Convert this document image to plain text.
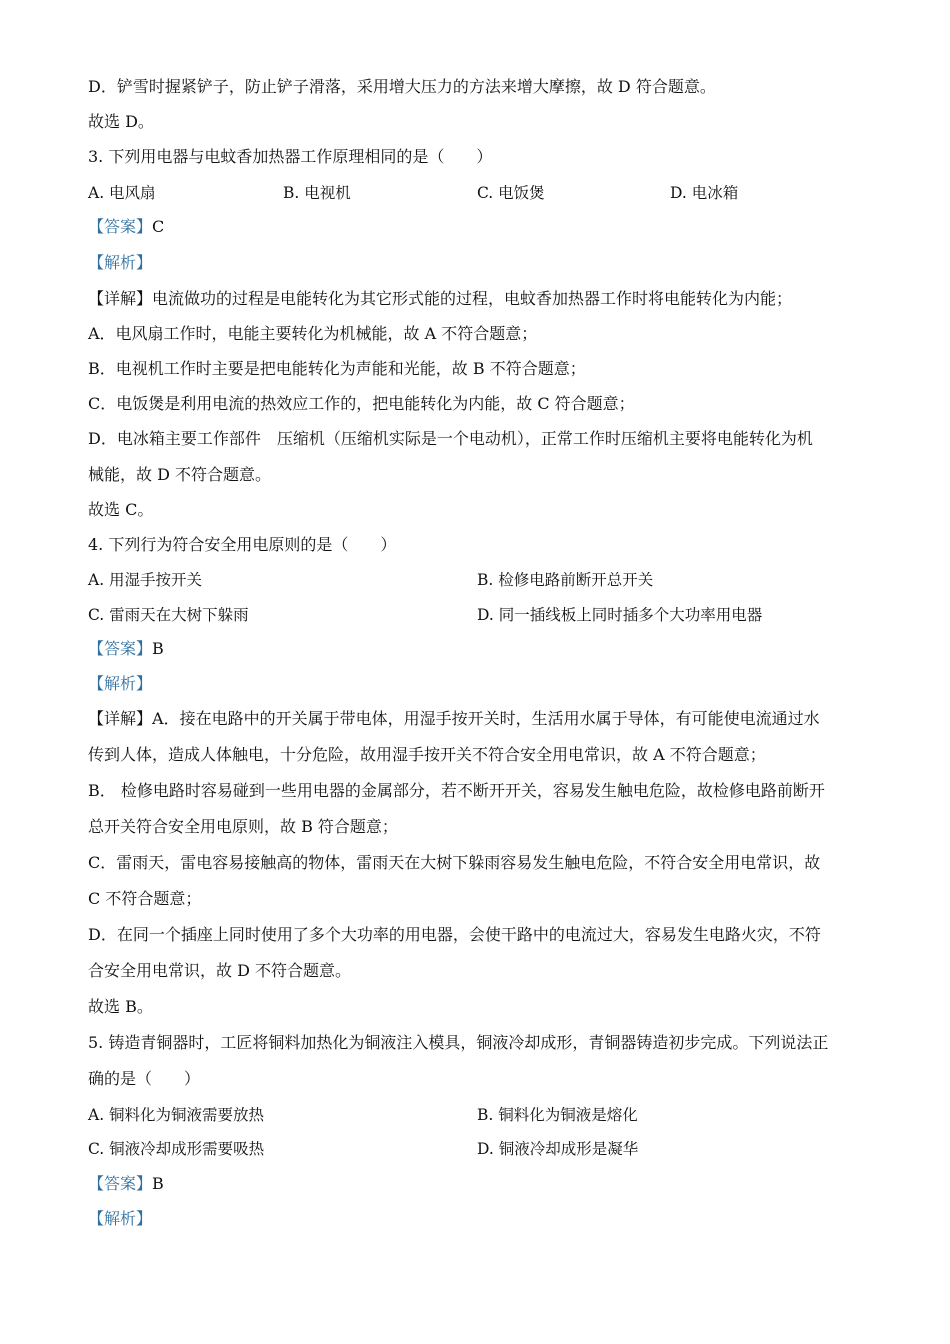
D．铲雪时握紧铲子，防止铲子滑落，采用增大压力的方法来增大摩擦，故 D 符合题意。
故选 D。
3. 下列用电器与电蚊香加热器工作原理相同的是（　　）
A. 电风扇	B. 电视机	C. 电饭煲	D. 电冰箱
【答案】C
【解析】
【详解】电流做功的过程是电能转化为其它形式能的过程，电蚊香加热器工作时将电能转化为内能；
A．电风扇工作时，电能主要转化为机械能，故 A 不符合题意；
B．电视机工作时主要是把电能转化为声能和光能，故 B 不符合题意；
C．电饭煲是利用电流的热效应工作的，把电能转化为内能，故 C 符合题意；
D．电冰箱主要工作部件　压缩机（压缩机实际是一个电动机），正常工作时压缩机主要将电能转化为机
械能，故 D 不符合题意。
故选 C。
4. 下列行为符合安全用电原则的是（　　）
A. 用湿手按开关	B. 检修电路前断开总开关
C. 雷雨天在大树下躲雨	D. 同一插线板上同时插多个大功率用电器
【答案】B
【解析】
【详解】A．接在电路中的开关属于带电体，用湿手按开关时，生活用水属于导体，有可能使电流通过水
传到人体，造成人体触电，十分危险，故用湿手按开关不符合安全用电常识，故 A 不符合题意；
B． 检修电路时容易碰到一些用电器的金属部分，若不断开开关，容易发生触电危险，故检修电路前断开
总开关符合安全用电原则，故 B 符合题意；
C．雷雨天，雷电容易接触高的物体，雷雨天在大树下躲雨容易发生触电危险，不符合安全用电常识，故
C 不符合题意；
D．在同一个插座上同时使用了多个大功率的用电器，会使干路中的电流过大，容易发生电路火灾，不符
合安全用电常识，故 D 不符合题意。
故选 B。
5. 铸造青铜器时，工匠将铜料加热化为铜液注入模具，铜液冷却成形，青铜器铸造初步完成。下列说法正
确的是（　　）
A. 铜料化为铜液需要放热	B. 铜料化为铜液是熔化
C. 铜液冷却成形需要吸热	D. 铜液冷却成形是凝华
【答案】B
【解析】
